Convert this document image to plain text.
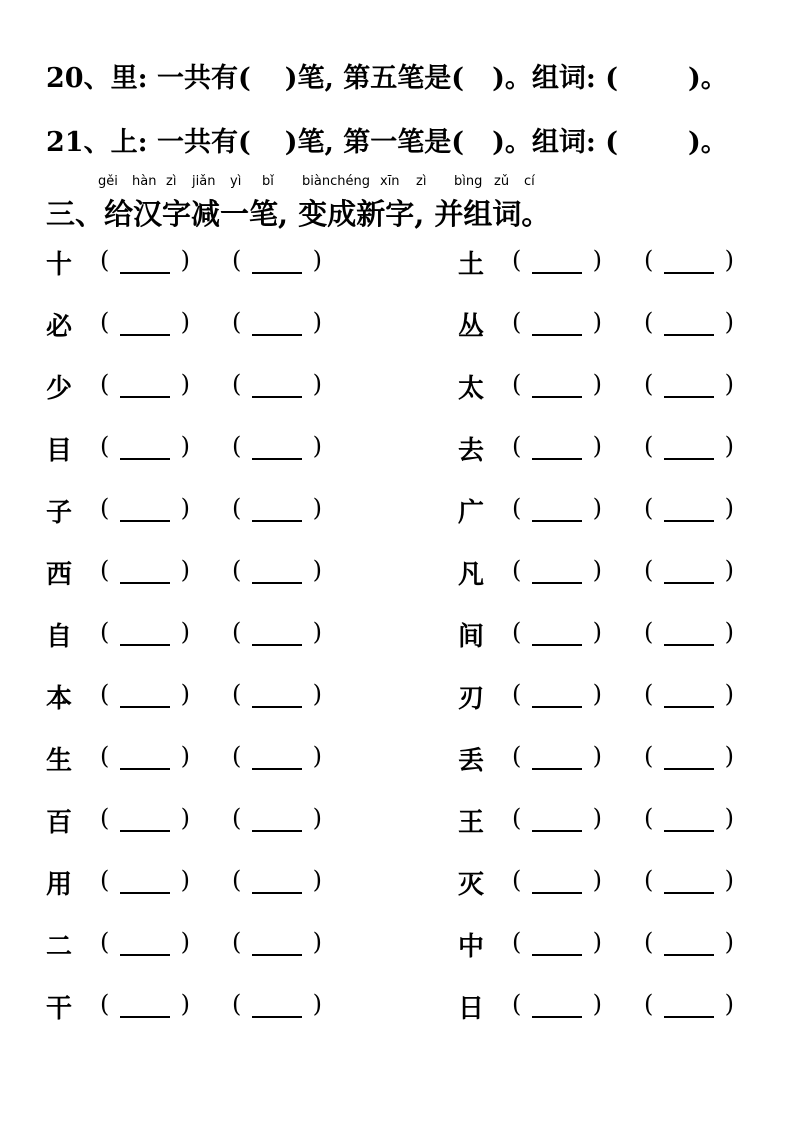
20、里: 一共有( )笔, 第五笔是( )。组词: (	)。
21、上: 一共有( )笔, 第一笔是( )。组词: (	)。
gěi hàn zì jiǎn yì bǐ biànchéng xīn zì bìng zǔ cí
三、给汉字减一笔, 变成新字, 并组词。
十 (	) (	)	土 (	) (	)
必 (	) (	)	丛 (	) (	)
少 (	) (	)	太 (	) (	)
目 (	) (	)	去 (	) (	)
子 (	) (	)	广 (	) (	)
西 (	) (	)	凡 (	) (	)
自 (	) (	)	间 (	) (	)
本 (	) (	)	刃 (	) (	)
生 (	) (	)	丢 (	) (	)
百 (	) (	)	王 (	) (	)
用 (	) (	)	灭 (	) (	)
二 (	) (	)	中 (	) (	)
干 (	) (	)	日 (	) (	)
